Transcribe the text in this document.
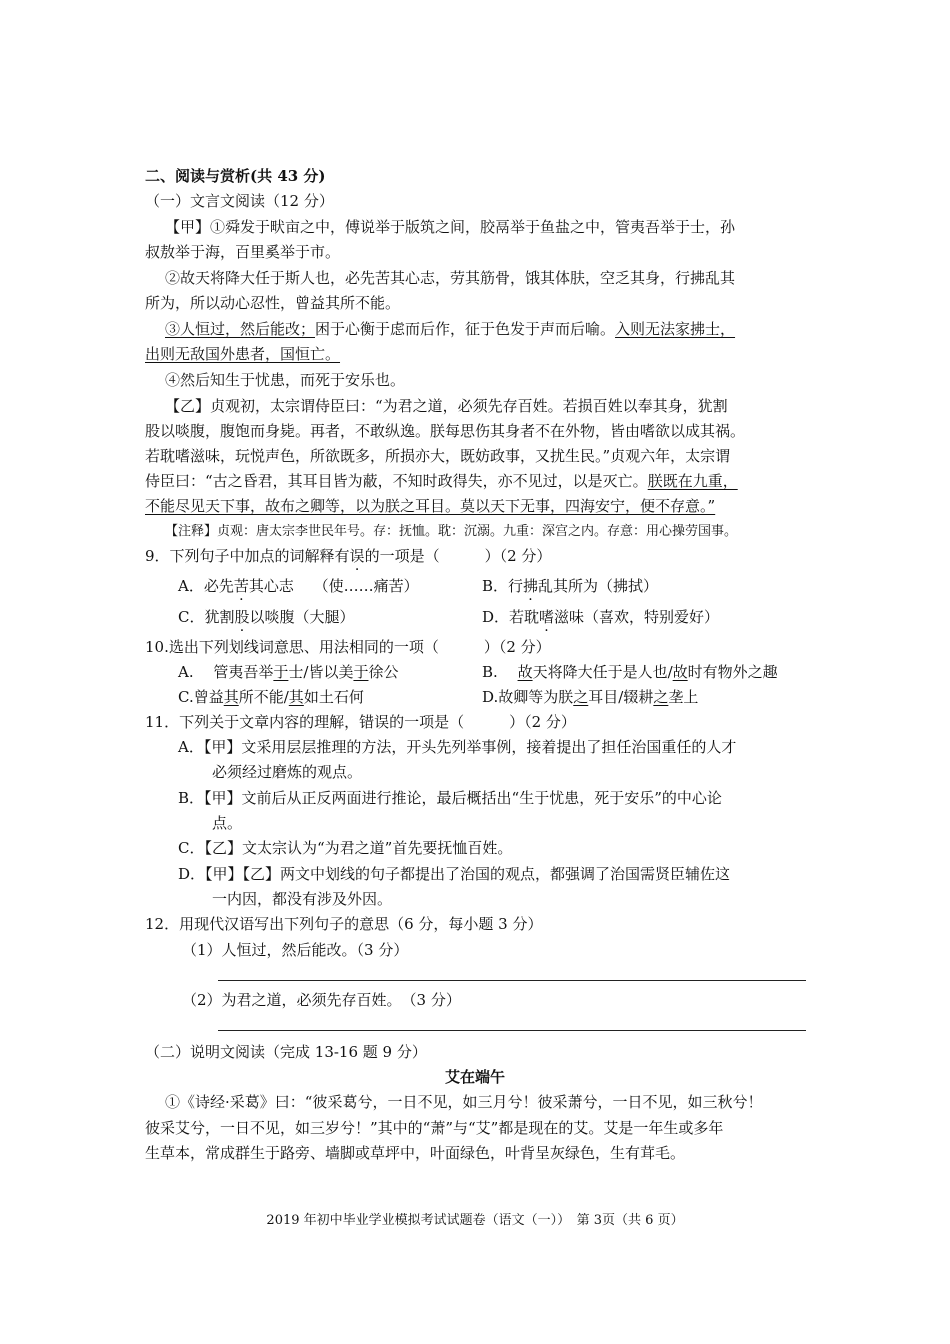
二、阅读与赏析(共 43 分)
（一）文言文阅读（12 分）
【甲】①舜发于畎亩之中，傅说举于版筑之间，胶鬲举于鱼盐之中，管夷吾举于士，孙
叔敖举于海，百里奚举于市。
②故天将降大任于斯人也，必先苦其心志，劳其筋骨，饿其体肤，空乏其身，行拂乱其
所为，所以动心忍性，曾益其所不能。
③人恒过，然后能改；困于心衡于虑而后作，征于色发于声而后喻。入则无法家拂士，
出则无敌国外患者，国恒亡。
④然后知生于忧患，而死于安乐也。
【乙】贞观初，太宗谓侍臣曰：“为君之道，必须先存百姓。若损百姓以奉其身，犹割
股以啖腹，腹饱而身毙。再者，不敢纵逸。朕每思伤其身者不在外物，皆由嗜欲以成其祸。
若耽嗜滋味，玩悦声色，所欲既多，所损亦大，既妨政事，又扰生民。”贞观六年，太宗谓
侍臣曰：“古之昏君，其耳目皆为蔽，不知时政得失，亦不见过，以是灭亡。朕既在九重，
不能尽见天下事，故布之卿等，以为朕之耳目。莫以天下无事，四海安宁，便不存意。”
【注释】贞观：唐太宗李世民年号。存：抚恤。耽：沉溺。九重：深宫之内。存意：用心操劳国事。
9．下列句子中加点的词解释有误的一项是（　　　）（2 分）
A．必先苦其心志　 （使……痛苦）	B．行拂乱其所为（拂拭）
C．犹割股以啖腹（大腿）	D．若耽嗜滋味（喜欢，特别爱好）
10.选出下列划线词意思、用法相同的一项（　　　）（2 分）
A.　 管夷吾举于士/皆以美于徐公	B.　 故天将降大任于是人也/故时有物外之趣
C.曾益其所不能/其如土石何	D.故卿等为朕之耳目/辍耕之垄上
11．下列关于文章内容的理解，错误的一项是（　　　）（2 分）
A．【甲】文采用层层推理的方法，开头先列举事例，接着提出了担任治国重任的人才
必须经过磨炼的观点。
B．【甲】文前后从正反两面进行推论，最后概括出“生于忧患，死于安乐”的中心论
点。
C．【乙】文太宗认为“为君之道”首先要抚恤百姓。
D．【甲】【乙】两文中划线的句子都提出了治国的观点，都强调了治国需贤臣辅佐这
一内因，都没有涉及外因。
12．用现代汉语写出下列句子的意思（6 分，每小题 3 分）
（1）人恒过，然后能改。（3 分）
（2）为君之道，必须先存百姓。　（3 分）
（二）说明文阅读（完成 13-16 题 9 分）
艾在端午
①《诗经·采葛》曰：“彼采葛兮，一日不见，如三月兮！彼采萧兮，一日不见，如三秋兮！
彼采艾兮，一日不见，如三岁兮！”其中的“萧”与“艾”都是现在的艾。艾是一年生或多年
生草本，常成群生于路旁、墙脚或草坪中，叶面绿色，叶背呈灰绿色，生有茸毛。
2019 年初中毕业学业模拟考试试题卷（语文（一））　第 3页（共 6 页）
